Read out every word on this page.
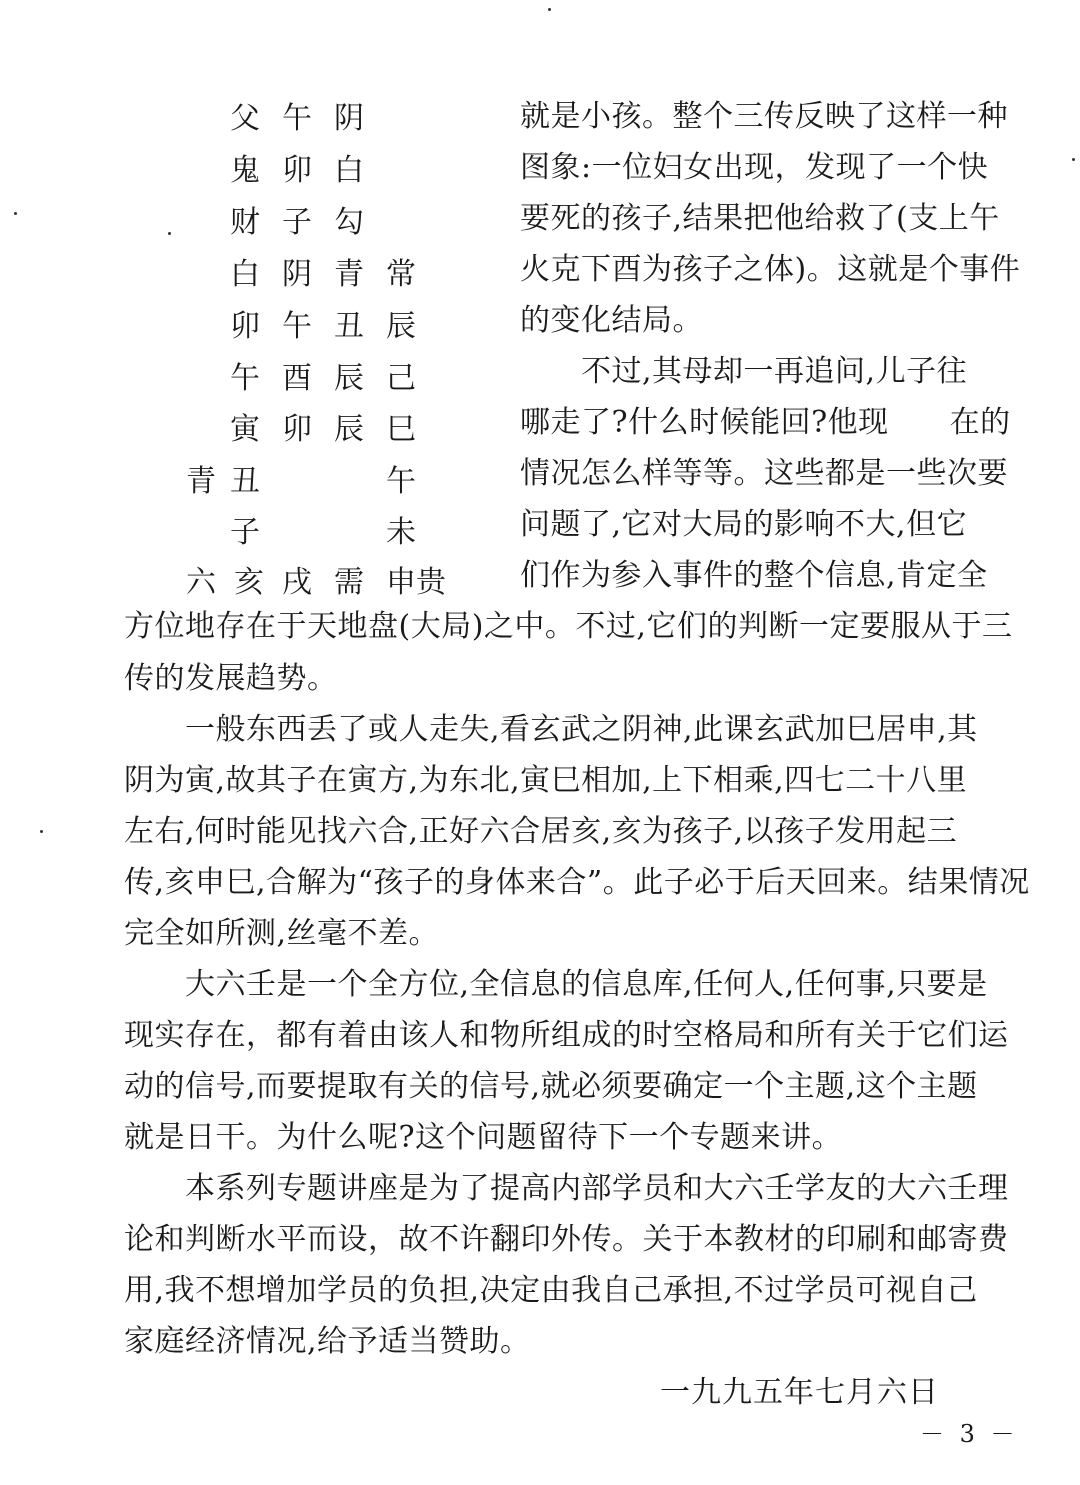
父 午 阴
鬼 卯 白
财 子 勾
白 阴 青 常
卯 午 丑 辰
午 酉 辰 己
寅 卯 辰 巳
青 丑	午
子	未
六 亥 戌 需 申贵
就是小孩。整个三传反映了这样一种
图象:一位妇女出现，发现了一个快
要死的孩子,结果把他给救了(支上午
火克下酉为孩子之体)。这就是个事件
的变化结局。
　　不过,其母却一再追问,儿子往
哪走了?什么时候能回?他现　　在的
情况怎么样等等。这些都是一些次要
问题了,它对大局的影响不大,但它
们作为参入事件的整个信息,肯定全
方位地存在于天地盘(大局)之中。不过,它们的判断一定要服从于三
传的发展趋势。
　　一般东西丢了或人走失,看玄武之阴神,此课玄武加巳居申,其
阴为寅,故其子在寅方,为东北,寅巳相加,上下相乘,四七二十八里
左右,何时能见找六合,正好六合居亥,亥为孩子,以孩子发用起三
传,亥申巳,合解为“孩子的身体来合”。此子必于后天回来。结果情况
完全如所测,丝毫不差。
　　大六壬是一个全方位,全信息的信息库,任何人,任何事,只要是
现实存在，都有着由该人和物所组成的时空格局和所有关于它们运
动的信号,而要提取有关的信号,就必须要确定一个主题,这个主题
就是日干。为什么呢?这个问题留待下一个专题来讲。
　　本系列专题讲座是为了提高内部学员和大六壬学友的大六壬理
论和判断水平而设，故不许翻印外传。关于本教材的印刷和邮寄费
用,我不想增加学员的负担,决定由我自己承担,不过学员可视自己
家庭经济情况,给予适当赞助。
一九九五年七月六日
－ 3 －
